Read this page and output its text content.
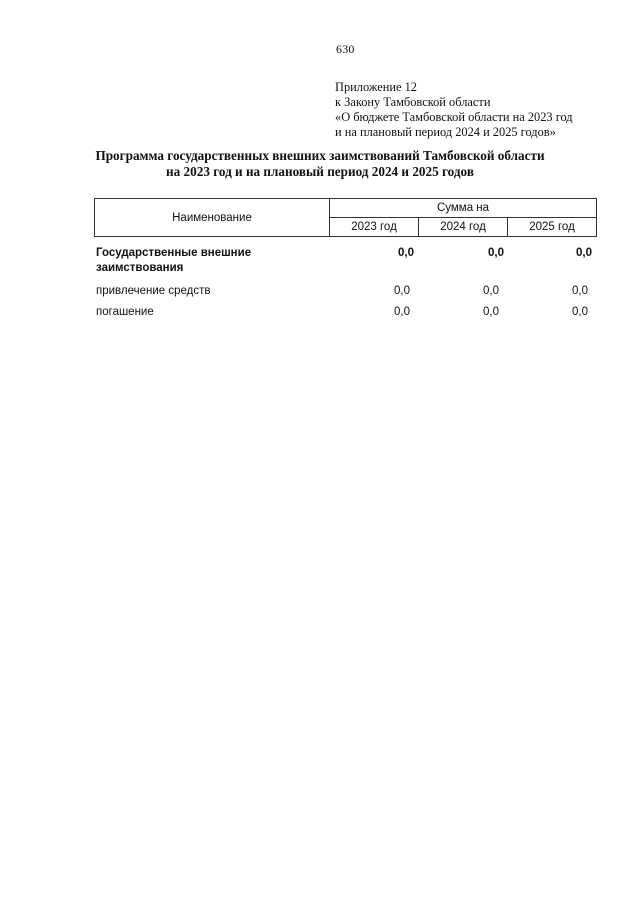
630
Приложение 12
к Закону Тамбовской области
«О бюджете Тамбовской области на 2023 год
и на плановый период 2024 и 2025 годов»
Программа государственных внешних заимствований Тамбовской области
на 2023 год и на плановый период 2024 и 2025 годов
Наименование
Сумма на
2023 год	2024 год	2025 год
Государственные внешние
заимствования
0,0	0,0	0,0
привлечение средств	0,0	0,0	0,0
погашение	0,0	0,0	0,0
